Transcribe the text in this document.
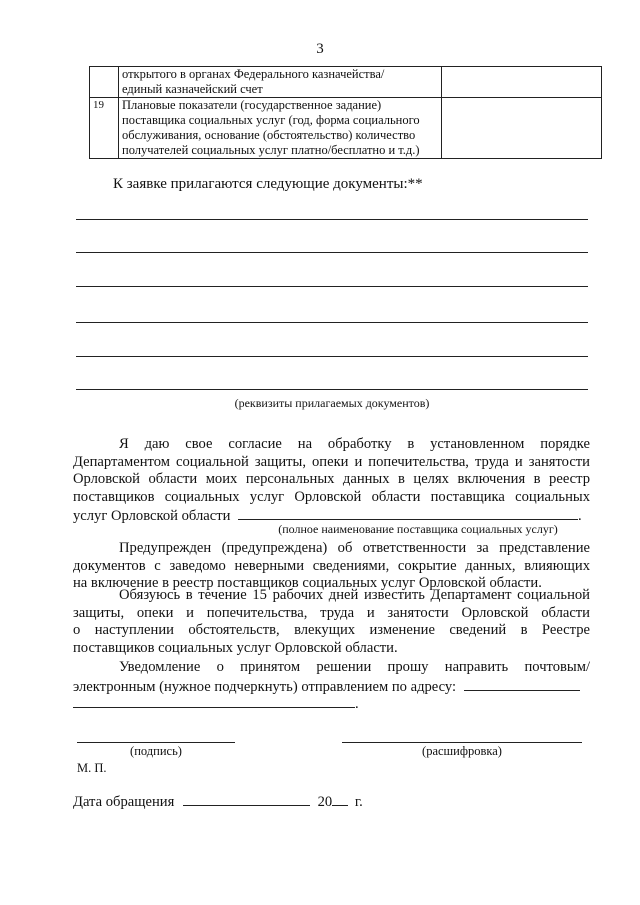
3

	открытого в органах Федерального казначейства/
единый казначейский счет	

19	Плановые показатели (государственное задание)
поставщика социальных услуг (год, форма социального
обслуживания, основание (обстоятельство) количество
получателей социальных услуг платно/бесплатно и т.д.)	

К заявке прилагаются следующие документы:**
(реквизиты прилагаемых документов)
Я даю свое согласие на обработку в установленном порядке
Департаментом социальной защиты, опеки и попечительства, труда и занятости
Орловской области моих персональных данных в целях включения в реестр
поставщиков социальных услуг Орловской области поставщика социальных
услуг Орловской области	.
(полное наименование поставщика социальных услуг)
Предупрежден (предупреждена) об ответственности за представление
документов с заведомо неверными сведениями, сокрытие данных, влияющих
на включение в реестр поставщиков социальных услуг Орловской области.
Обязуюсь в течение 15 рабочих дней известить Департамент социальной
защиты, опеки и попечительства, труда и занятости Орловской области
о наступлении обстоятельств, влекущих изменение сведений в Реестре
поставщиков социальных услуг Орловской области.
Уведомление о принятом решении прошу направить почтовым/
электронным (нужное подчеркнуть) отправлением по адресу:
.
(подпись)	(расшифровка)
М. П.
Дата обращения	20 г.
